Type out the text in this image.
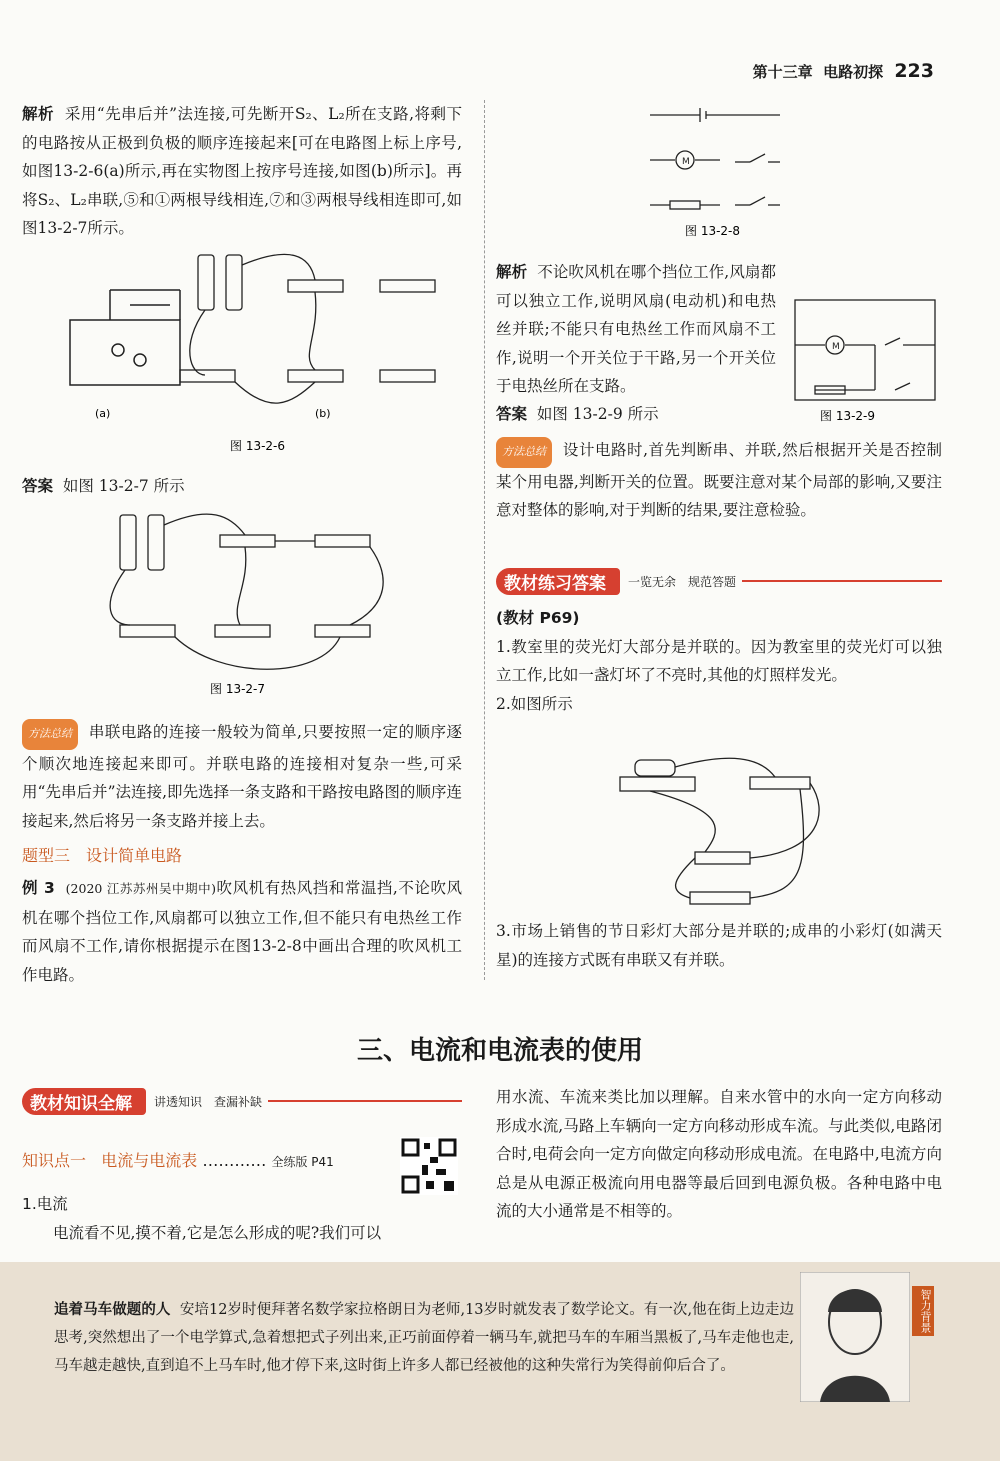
第十三章 电路初探 223

解析 采用“先串后并”法连接,可先断开S₂、L₂所在支路,将剩下的电路按从正极到负极的顺序连接起来[可在电路图上标上序号,如图13-2-6(a)所示,再在实物图上按序号连接,如图(b)所示]。再将S₂、L₂串联,⑤和①两根导线相连,⑦和③两根导线相连即可,如图13-2-7所示。

(a)	(b)
图 13-2-6

答案 如图 13-2-7 所示

图 13-2-7

方法总结 串联电路的连接一般较为简单,只要按照一定的顺序逐个顺次地连接起来即可。并联电路的连接相对复杂一些,可采用“先串后并”法连接,即先选择一条支路和干路按电路图的顺序连接起来,然后将另一条支路并接上去。

题型三　设计简单电路

例 3 (2020 江苏苏州吴中期中)吹风机有热风挡和常温挡,不论吹风机在哪个挡位工作,风扇都可以独立工作,但不能只有电热丝工作而风扇不工作,请你根据提示在图13-2-8中画出合理的吹风机工作电路。

M
图 13-2-8

解析 不论吹风机在哪个挡位工作,风扇都可以独立工作,说明风扇(电动机)和电热丝并联;不能只有电热丝工作而风扇不工作,说明一个开关位于干路,另一个开关位于电热丝所在支路。

M
图 13-2-9

答案 如图 13-2-9 所示

方法总结 设计电路时,首先判断串、并联,然后根据开关是否控制某个用电器,判断开关的位置。既要注意对某个局部的影响,又要注意对整体的影响,对于判断的结果,要注意检验。

教材练习答案	一览无余　规范答题

(教材 P69)

1.教室里的荧光灯大部分是并联的。因为教室里的荧光灯可以独立工作,比如一盏灯坏了不亮时,其他的灯照样发光。

2.如图所示

3.市场上销售的节日彩灯大部分是并联的;成串的小彩灯(如满天星)的连接方式既有串联又有并联。

三、电流和电流表的使用
教材知识全解	讲透知识　查漏补缺
知识点一 电流与电流表 ………… 全练版 P41

1.电流

电流看不见,摸不着,它是怎么形成的呢?我们可以

用水流、车流来类比加以理解。自来水管中的水向一定方向移动形成水流,马路上车辆向一定方向移动形成车流。与此类似,电路闭合时,电荷会向一定方向做定向移动形成电流。在电路中,电流方向总是从电源正极流向用电器等最后回到电源负极。各种电路中电流的大小通常是不相等的。

追着马车做题的人 安培12岁时便拜著名数学家拉格朗日为老师,13岁时就发表了数学论文。有一次,他在街上边走边思考,突然想出了一个电学算式,急着想把式子列出来,正巧前面停着一辆马车,就把马车的车厢当黑板了,马车走他也走,马车越走越快,直到追不上马车时,他才停下来,这时街上许多人都已经被他的这种失常行为笑得前仰后合了。

智力背景
